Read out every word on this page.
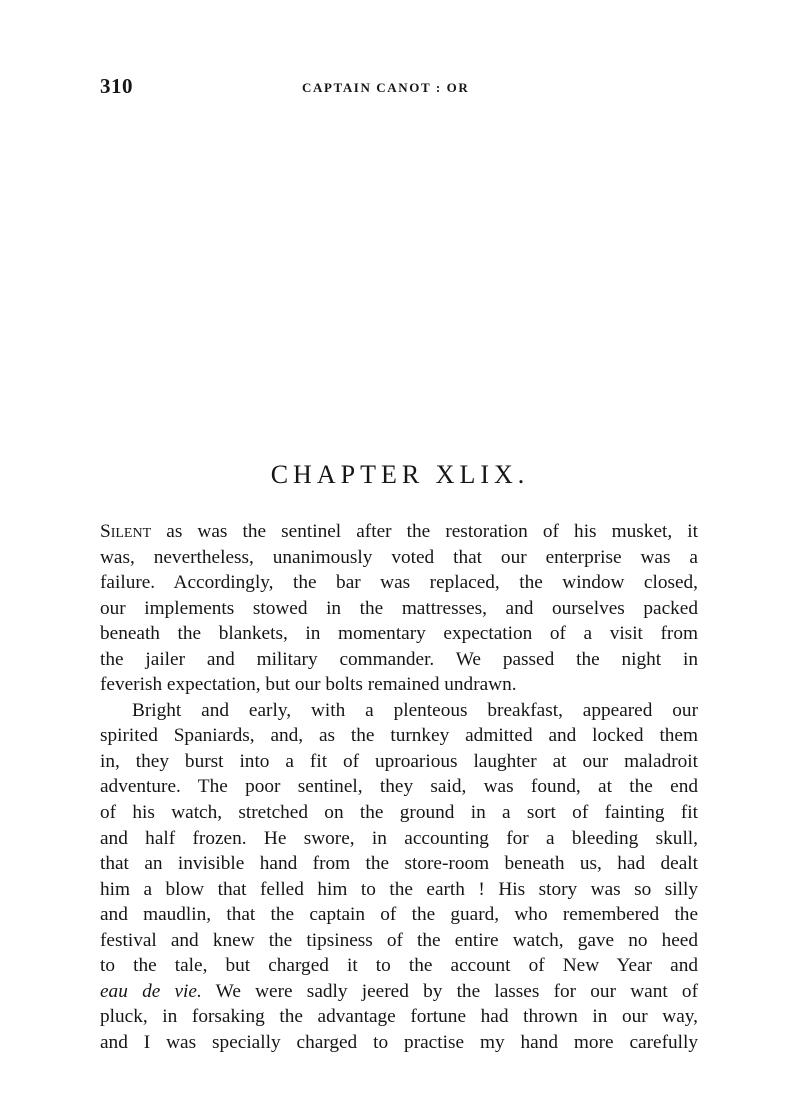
310	CAPTAIN CANOT : OR
CHAPTER XLIX.
Silent as was the sentinel after the restoration of his musket, it
was, nevertheless, unanimously voted that our enterprise was a
failure. Accordingly, the bar was replaced, the window closed,
our implements stowed in the mattresses, and ourselves packed
beneath the blankets, in momentary expectation of a visit from
the jailer and military commander. We passed the night in
feverish expectation, but our bolts remained undrawn.
Bright and early, with a plenteous breakfast, appeared our
spirited Spaniards, and, as the turnkey admitted and locked them
in, they burst into a fit of uproarious laughter at our maladroit
adventure. The poor sentinel, they said, was found, at the end
of his watch, stretched on the ground in a sort of fainting fit
and half frozen. He swore, in accounting for a bleeding skull,
that an invisible hand from the store-room beneath us, had dealt
him a blow that felled him to the earth ! His story was so silly
and maudlin, that the captain of the guard, who remembered the
festival and knew the tipsiness of the entire watch, gave no heed
to the tale, but charged it to the account of New Year and
eau de vie. We were sadly jeered by the lasses for our want of
pluck, in forsaking the advantage fortune had thrown in our way,
and I was specially charged to practise my hand more carefully
